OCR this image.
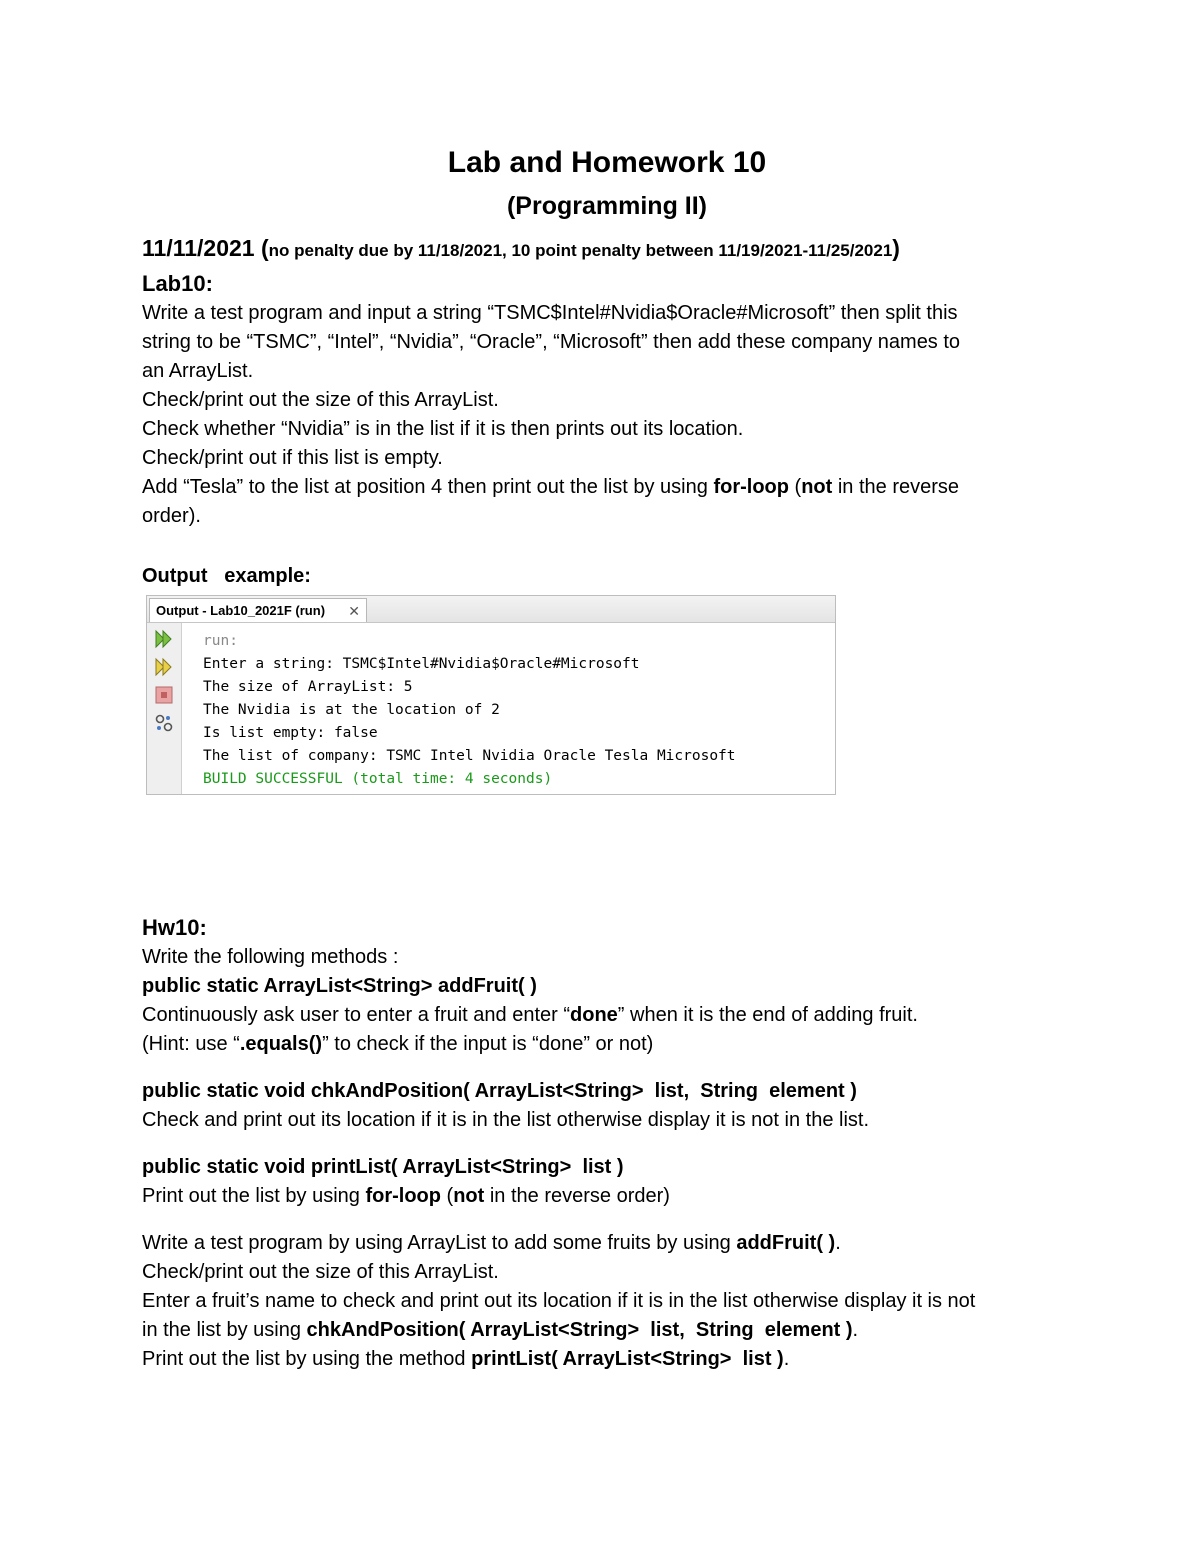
Lab and Homework 10
(Programming II)

11/11/2021 (no penalty due by 11/18/2021, 10 point penalty between 11/19/2021-11/25/2021)

Lab10:

Write a test program and input a string “TSMC$Intel#Nvidia$Oracle#Microsoft” then split this

string to be “TSMC”, “Intel”, “Nvidia”, “Oracle”, “Microsoft” then add these company names to

an ArrayList.

Check/print out the size of this ArrayList.

Check whether “Nvidia” is in the list if it is then prints out its location.

Check/print out if this list is empty.

Add “Tesla” to the list at position 4 then print out the list by using for-loop (not in the reverse

order).

Output   example:

Output - Lab10_2021F (run) ✕
run:
Enter a string: TSMC$Intel#Nvidia$Oracle#Microsoft
The size of ArrayList: 5
The Nvidia is at the location of 2
Is list empty: false
The list of company: TSMC Intel Nvidia Oracle Tesla Microsoft
BUILD SUCCESSFUL (total time: 4 seconds)

Hw10:

Write the following methods :

public static ArrayList<String> addFruit( )

Continuously ask user to enter a fruit and enter “done” when it is the end of adding fruit.

(Hint: use “.equals()” to check if the input is “done” or not)

public static void chkAndPosition( ArrayList<String>  list,  String  element )

Check and print out its location if it is in the list otherwise display it is not in the list.

public static void printList( ArrayList<String>  list )

Print out the list by using for-loop (not in the reverse order)

Write a test program by using ArrayList to add some fruits by using addFruit( ).

Check/print out the size of this ArrayList.

Enter a fruit’s name to check and print out its location if it is in the list otherwise display it is not

in the list by using chkAndPosition( ArrayList<String>  list,  String  element ).

Print out the list by using the method printList( ArrayList<String>  list ).
